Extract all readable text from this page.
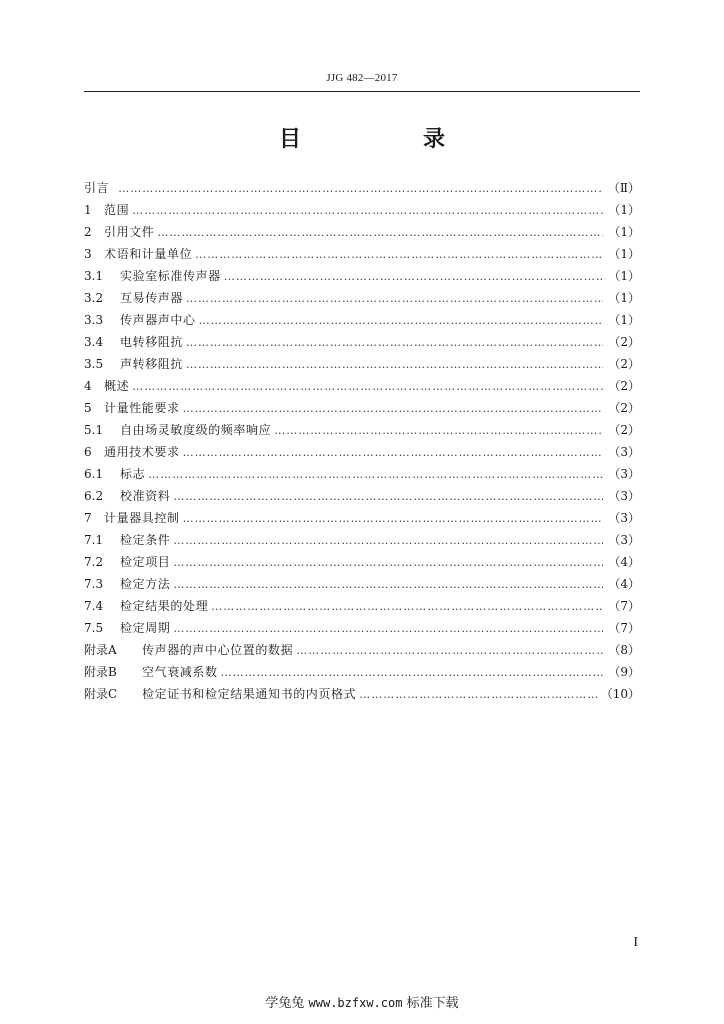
JJG 482—2017
目　录
引言 ……………………………………………………………………………………………………………………………………………………………………………………………………………	（Ⅱ）
1	范围 ……………………………………………………………………………………………………………………………………………………………………………………………………………	（1）
2	引用文件 ……………………………………………………………………………………………………………………………………………………………………………………………………………	（1）
3	术语和计量单位 ……………………………………………………………………………………………………………………………………………………………………………………………………………	（1）
3.1	实验室标准传声器 ……………………………………………………………………………………………………………………………………………………………………………………………………………	（1）
3.2	互易传声器 ……………………………………………………………………………………………………………………………………………………………………………………………………………	（1）
3.3	传声器声中心 ……………………………………………………………………………………………………………………………………………………………………………………………………………	（1）
3.4	电转移阻抗 ……………………………………………………………………………………………………………………………………………………………………………………………………………	（2）
3.5	声转移阻抗 ……………………………………………………………………………………………………………………………………………………………………………………………………………	（2）
4	概述 ……………………………………………………………………………………………………………………………………………………………………………………………………………	（2）
5	计量性能要求 ……………………………………………………………………………………………………………………………………………………………………………………………………………	（2）
5.1	自由场灵敏度级的频率响应 ……………………………………………………………………………………………………………………………………………………………………………………………………………	（2）
6	通用技术要求 ……………………………………………………………………………………………………………………………………………………………………………………………………………	（3）
6.1	标志 ……………………………………………………………………………………………………………………………………………………………………………………………………………	（3）
6.2	校准资料 ……………………………………………………………………………………………………………………………………………………………………………………………………………	（3）
7	计量器具控制 ……………………………………………………………………………………………………………………………………………………………………………………………………………	（3）
7.1	检定条件 ……………………………………………………………………………………………………………………………………………………………………………………………………………	（3）
7.2	检定项目 ……………………………………………………………………………………………………………………………………………………………………………………………………………	（4）
7.3	检定方法 ……………………………………………………………………………………………………………………………………………………………………………………………………………	（4）
7.4	检定结果的处理 ……………………………………………………………………………………………………………………………………………………………………………………………………………	（7）
7.5	检定周期 ……………………………………………………………………………………………………………………………………………………………………………………………………………	（7）
附录A	传声器的声中心位置的数据 ……………………………………………………………………………………………………………………………………………………………………………………………………………	（8）
附录B	空气衰减系数 ……………………………………………………………………………………………………………………………………………………………………………………………………………	（9）
附录C	检定证书和检定结果通知书的内页格式 ……………………………………………………………………………………………………………………………………………………………………………………………………………	（10）
I
学兔兔 www.bzfxw.com 标准下载
